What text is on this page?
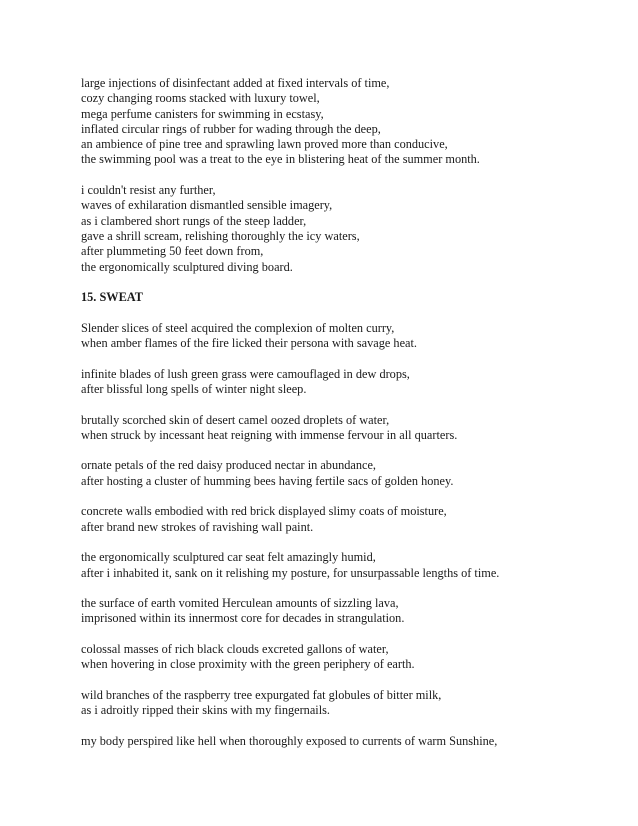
large injections of disinfectant added at fixed intervals of time,
cozy changing rooms stacked with luxury towel,
mega perfume canisters for swimming in ecstasy,
inflated circular rings of rubber for wading through the deep,
an ambience of pine tree and sprawling lawn proved more than conducive,
the swimming pool was a treat to the eye in blistering heat of the summer month.
i couldn't resist any further,
waves of exhilaration dismantled sensible imagery,
as i clambered short rungs of the steep ladder,
gave a shrill scream, relishing thoroughly the icy waters,
after plummeting 50 feet down from,
the ergonomically sculptured diving board.
15. SWEAT
Slender slices of steel acquired the complexion of molten curry,
when amber flames of the fire licked their persona with savage heat.
infinite blades of lush green grass were camouflaged in dew drops,
after blissful long spells of winter night sleep.
brutally scorched skin of desert camel oozed droplets of water,
when struck by incessant heat reigning with immense fervour in all quarters.
ornate petals of the red daisy produced nectar in abundance,
after hosting a cluster of humming bees having fertile sacs of golden honey.
concrete walls embodied with red brick displayed slimy coats of moisture,
after brand new strokes of ravishing wall paint.
the ergonomically sculptured car seat felt amazingly humid,
after i inhabited it, sank on it relishing my posture, for unsurpassable lengths of time.
the surface of earth vomited Herculean amounts of sizzling lava,
imprisoned within its innermost core for decades in strangulation.
colossal masses of rich black clouds excreted gallons of water,
when hovering in close proximity with the green periphery of earth.
wild branches of the raspberry tree expurgated fat globules of bitter milk,
as i adroitly ripped their skins with my fingernails.
my body perspired like hell when thoroughly exposed to currents of warm Sunshine,
